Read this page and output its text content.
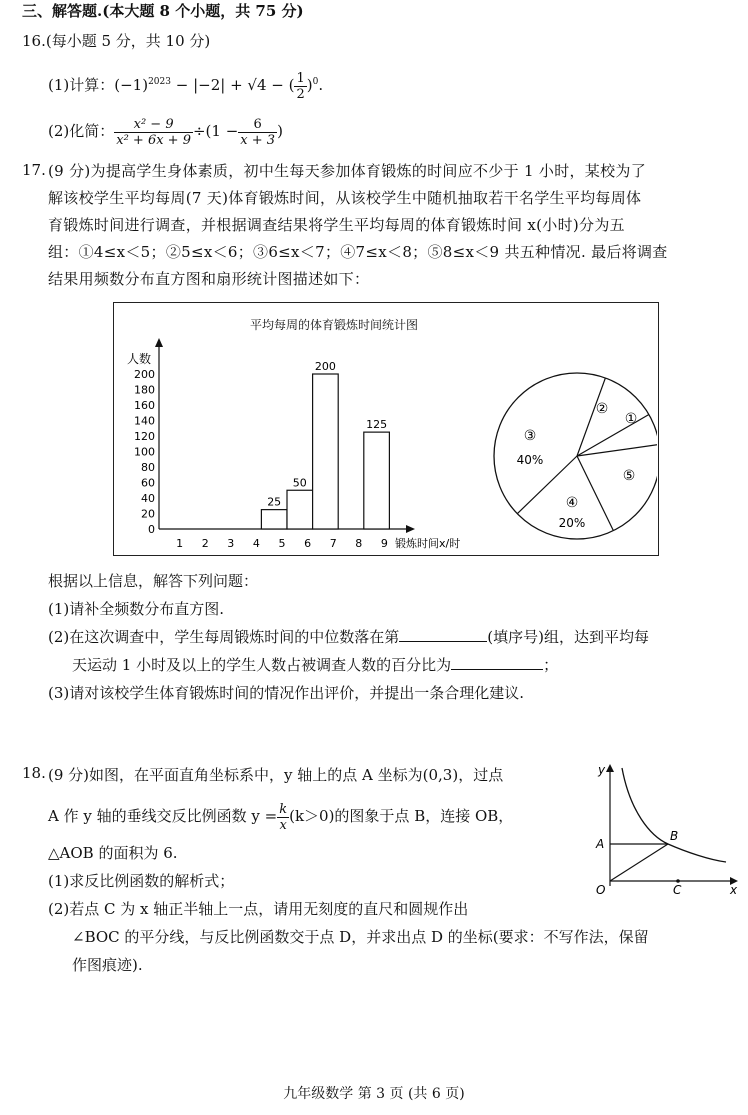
三、解答题.(本大题 8 个小题，共 75 分)
16.(每小题 5 分，共 10 分)
(1)计算：$(-1)^{2023} - |-2| + √4$ − ( $\frac{1}{2} )^0$.
(2)化简： $\frac{\text{x² − 9}}{\text{x² + 6x + 9}} \div(1 - \frac{6}{x + 3}$ )
17. (9 分)为提高学生身体素质，初中生每天参加体育锻炼的时间应不少于 1 小时，某校为了
解该校学生平均每周(7 天)体育锻炼时间，从该校学生中随机抽取若干名学生平均每周体
育锻炼时间进行调查，并根据调查结果将学生平均每周的体育锻炼时间 x(小时)分为五
组：①4≤x＜5；②5≤x＜6；③6≤x＜7；④7≤x＜8；⑤8≤x＜9 共五种情况. 最后将调查
结果用频数分布直方图和扇形统计图描述如下：
平均每周的体育锻炼时间统计图
人数
锻炼时间x/时
0
20
40
60
80
100
120
140
160
180
200
1 2 3 4 5 6 7 8 9
25
50
200
125	①
②
③
40%
④
20%
⑤
根据以上信息，解答下列问题：
(1)请补全频数分布直方图.
(2)在这次调查中，学生每周锻炼时间的中位数落在第	(填序号)组，达到平均每
天运动 1 小时及以上的学生人数占被调查人数的百分比为	；
(3)请对该校学生体育锻炼时间的情况作出评价，并提出一条合理化建议.
18. (9 分)如图，在平面直角坐标系中，y 轴上的点 A 坐标为(0,3)，过点
A 作 y 轴的垂线交反比例函数 $y = \frac{k}{x} (k>0)$的图象于点 B，连接 OB，
△AOB 的面积为 6.
(1)求反比例函数的解析式；
(2)若点 C 为 x 轴正半轴上一点，请用无刻度的直尺和圆规作出
∠BOC 的平分线，与反比例函数交于点 D，并求出点 D 的坐标(要求：不写作法，保留
作图痕迹).
y
x
O
A
B
C
九年级数学 第 3 页 (共 6 页)
